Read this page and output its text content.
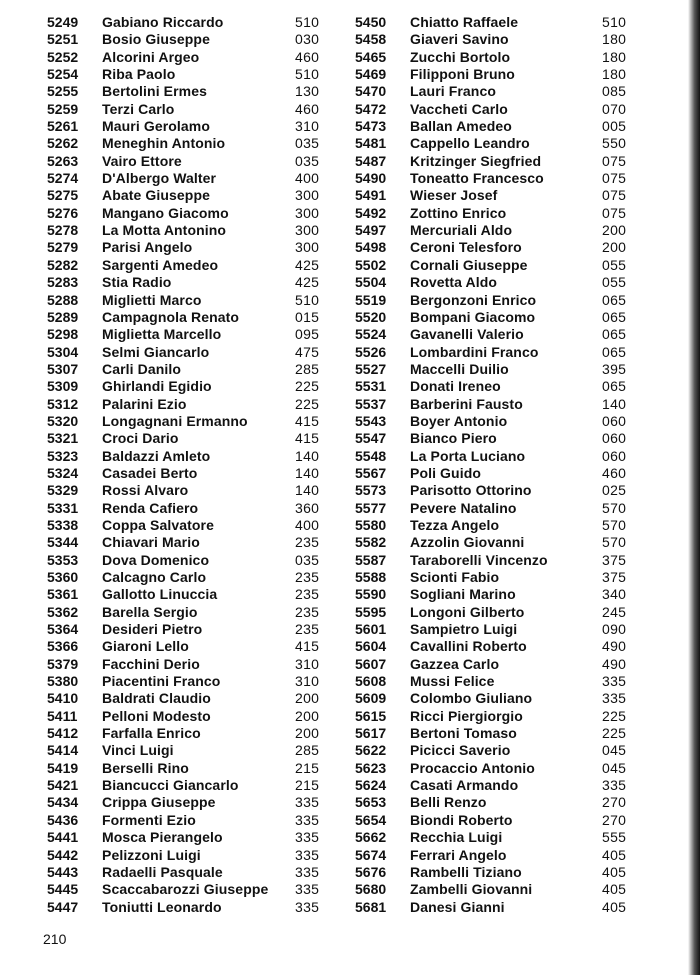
5249 Gabiano Riccardo	510
5251 Bosio Giuseppe	030
5252 Alcorini Argeo	460
5254 Riba Paolo	510
5255 Bertolini Ermes	130
5259 Terzi Carlo	460
5261 Mauri Gerolamo	310
5262 Meneghin Antonio	035
5263 Vairo Ettore	035
5274 D'Albergo Walter	400
5275 Abate Giuseppe	300
5276 Mangano Giacomo	300
5278 La Motta Antonino	300
5279 Parisi Angelo	300
5282 Sargenti Amedeo	425
5283 Stia Radio	425
5288 Miglietti Marco	510
5289 Campagnola Renato	015
5298 Miglietta Marcello	095
5304 Selmi Giancarlo	475
5307 Carli Danilo	285
5309 Ghirlandi Egidio	225
5312 Palarini Ezio	225
5320 Longagnani Ermanno	415
5321 Croci Dario	415
5323 Baldazzi Amleto	140
5324 Casadei Berto	140
5329 Rossi Alvaro	140
5331 Renda Cafiero	360
5338 Coppa Salvatore	400
5344 Chiavari Mario	235
5353 Dova Domenico	035
5360 Calcagno Carlo	235
5361 Gallotto Linuccia	235
5362 Barella Sergio	235
5364 Desideri Pietro	235
5366 Giaroni Lello	415
5379 Facchini Derio	310
5380 Piacentini Franco	310
5410 Baldrati Claudio	200
5411 Pelloni Modesto	200
5412 Farfalla Enrico	200
5414 Vinci Luigi	285
5419 Berselli Rino	215
5421 Biancucci Giancarlo	215
5434 Crippa Giuseppe	335
5436 Formenti Ezio	335
5441 Mosca Pierangelo	335
5442 Pelizzoni Luigi	335
5443 Radaelli Pasquale	335
5445 Scaccabarozzi Giuseppe 335
5447 Toniutti Leonardo	335
5450 Chiatto Raffaele	510
5458 Giaveri Savino	180
5465 Zucchi Bortolo	180
5469 Filipponi Bruno	180
5470 Lauri Franco	085
5472 Vaccheti Carlo	070
5473 Ballan Amedeo	005
5481 Cappello Leandro	550
5487 Kritzinger Siegfried	075
5490 Toneatto Francesco	075
5491 Wieser Josef	075
5492 Zottino Enrico	075
5497 Mercuriali Aldo	200
5498 Ceroni Telesforo	200
5502 Cornali Giuseppe	055
5504 Rovetta Aldo	055
5519 Bergonzoni Enrico	065
5520 Bompani Giacomo	065
5524 Gavanelli Valerio	065
5526 Lombardini Franco	065
5527 Maccelli Duilio	395
5531 Donati Ireneo	065
5537 Barberini Fausto	140
5543 Boyer Antonio	060
5547 Bianco Piero	060
5548 La Porta Luciano	060
5567 Poli Guido	460
5573 Parisotto Ottorino	025
5577 Pevere Natalino	570
5580 Tezza Angelo	570
5582 Azzolin Giovanni	570
5587 Taraborelli Vincenzo	375
5588 Scionti Fabio	375
5590 Sogliani Marino	340
5595 Longoni Gilberto	245
5601 Sampietro Luigi	090
5604 Cavallini Roberto	490
5607 Gazzea Carlo	490
5608 Mussi Felice	335
5609 Colombo Giuliano	335
5615 Ricci Piergiorgio	225
5617 Bertoni Tomaso	225
5622 Picicci Saverio	045
5623 Procaccio Antonio	045
5624 Casati Armando	335
5653 Belli Renzo	270
5654 Biondi Roberto	270
5662 Recchia Luigi	555
5674 Ferrari Angelo	405
5676 Rambelli Tiziano	405
5680 Zambelli Giovanni	405
5681 Danesi Gianni	405
210
